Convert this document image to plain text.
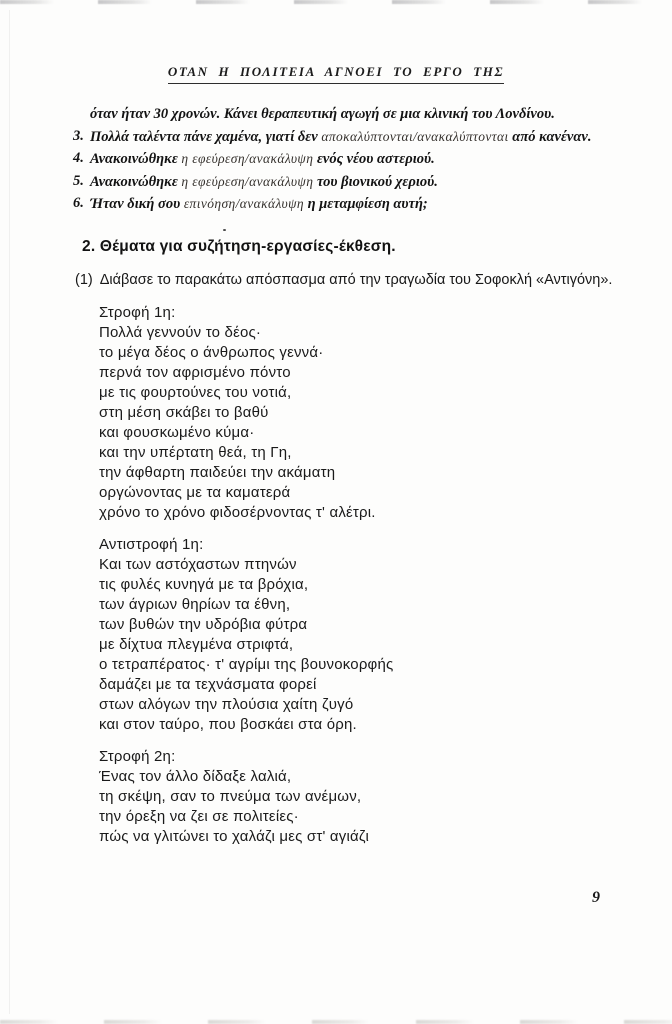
ΟΤΑΝ Η ΠΟΛΙΤΕΙΑ ΑΓΝΟΕΙ ΤΟ ΕΡΓΟ ΤΗΣ
όταν ήταν 30 χρονών. Κάνει θεραπευτική αγωγή σε μια κλινική του Λονδίνου.
3. Πολλά ταλέντα πάνε χαμένα, γιατί δεν αποκαλύπτονται/ανακαλύπτονται από κανέναν.
4. Ανακοινώθηκε η εφεύρεση/ανακάλυψη ενός νέου αστεριού.
5. Ανακοινώθηκε η εφεύρεση/ανακάλυψη του βιονικού χεριού.
6. Ήταν δική σου επινόηση/ανακάλυψη η μεταμφίεση αυτή;
2. Θέματα για συζήτηση-εργασίες-έκθεση.
(1) Διάβασε το παρακάτω απόσπασμα από την τραγωδία του Σοφοκλή «Αντιγόνη».
Στροφή 1η:
Πολλά γεννούν το δέος·
το μέγα δέος ο άνθρωπος γεννά·
περνά τον αφρισμένο πόντο
με τις φουρτούνες του νοτιά,
στη μέση σκάβει το βαθύ
και φουσκωμένο κύμα·
και την υπέρτατη θεά, τη Γη,
την άφθαρτη παιδεύει την ακάματη
οργώνοντας με τα καματερά
χρόνο το χρόνο φιδοσέρνοντας τ' αλέτρι.
Αντιστροφή 1η:
Και των αστόχαστων πτηνών
τις φυλές κυνηγά με τα βρόχια,
των άγριων θηρίων τα έθνη,
των βυθών την υδρόβια φύτρα
με δίχτυα πλεγμένα στριφτά,
ο τετραπέρατος· τ' αγρίμι της βουνοκορφής
δαμάζει με τα τεχνάσματα φορεί
στων αλόγων την πλούσια χαίτη ζυγό
και στον ταύρο, που βοσκάει στα όρη.
Στροφή 2η:
Ένας τον άλλο δίδαξε λαλιά,
τη σκέψη, σαν το πνεύμα των ανέμων,
την όρεξη να ζει σε πολιτείες·
πώς να γλιτώνει το χαλάζι μες στ' αγιάζι
9
